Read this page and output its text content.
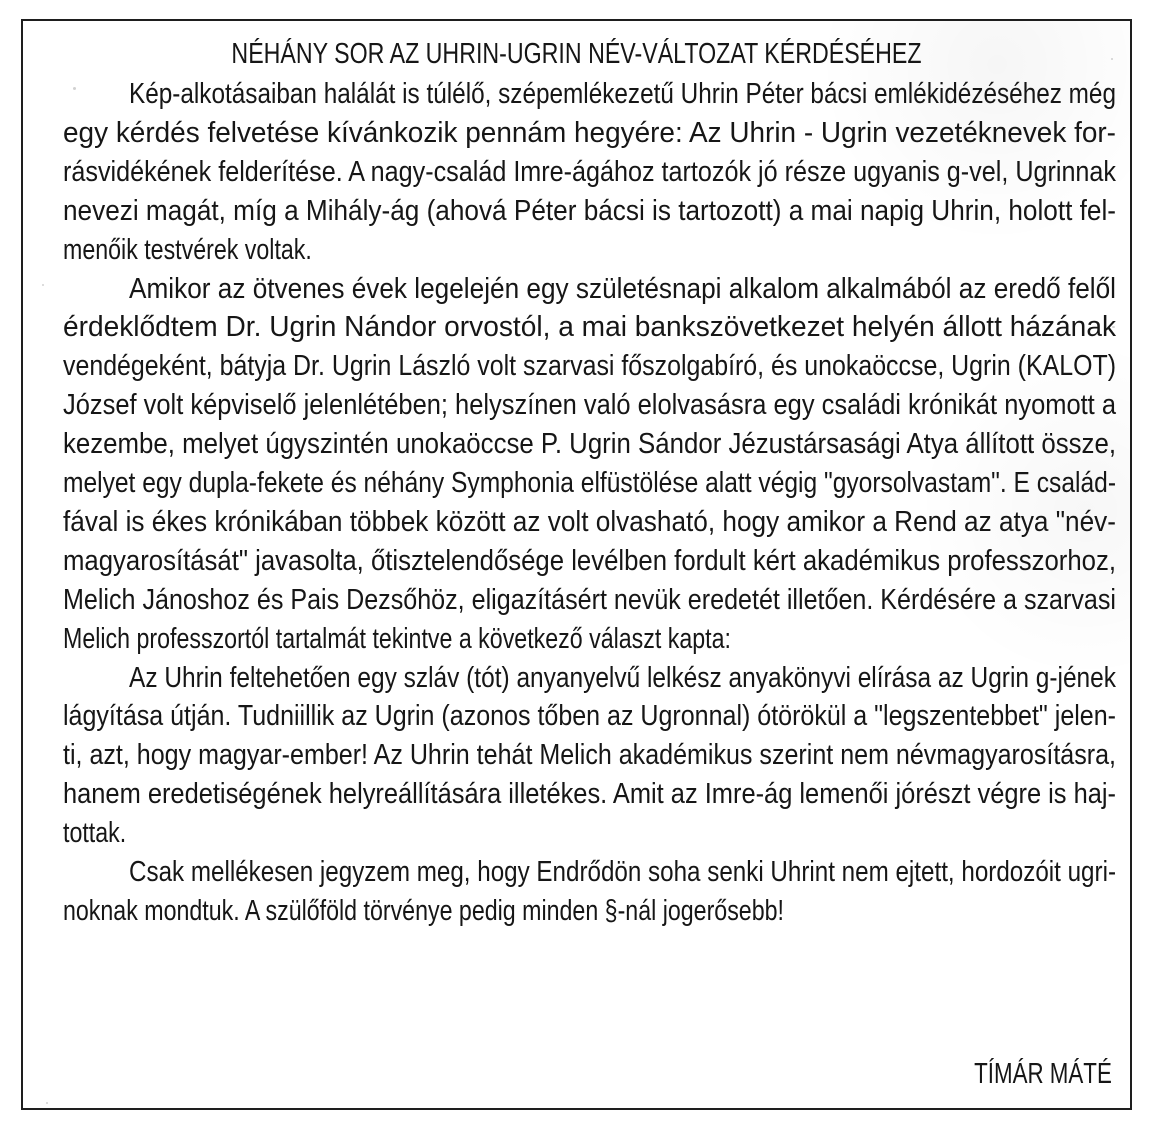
NÉHÁNY SOR AZ UHRIN-UGRIN NÉV-VÁLTOZAT KÉRDÉSÉHEZ
Kép-alkotásaiban halálát is túlélő, szépemlékezetű Uhrin Péter bácsi emlékidézéséhez még
egy kérdés felvetése kívánkozik pennám hegyére: Az Uhrin - Ugrin vezetéknevek for-
rásvidékének felderítése. A nagy-család Imre-ágához tartozók jó része ugyanis g-vel, Ugrinnak
nevezi magát, míg a Mihály-ág (ahová Péter bácsi is tartozott) a mai napig Uhrin, holott fel-
menőik testvérek voltak.
Amikor az ötvenes évek legelején egy születésnapi alkalom alkalmából az eredő felől
érdeklődtem Dr. Ugrin Nándor orvostól, a mai bankszövetkezet helyén állott házának
vendégeként, bátyja Dr. Ugrin László volt szarvasi főszolgabíró, és unokaöccse, Ugrin (KALOT)
József volt képviselő jelenlétében; helyszínen való elolvasásra egy családi krónikát nyomott a
kezembe, melyet úgyszintén unokaöccse P. Ugrin Sándor Jézustársasági Atya állított össze,
melyet egy dupla-fekete és néhány Symphonia elfüstölése alatt végig "gyorsolvastam". E család-
fával is ékes krónikában többek között az volt olvasható, hogy amikor a Rend az atya "név-
magyarosítását" javasolta, őtisztelendősége levélben fordult kért akadémikus professzorhoz,
Melich Jánoshoz és Pais Dezsőhöz, eligazításért nevük eredetét illetően. Kérdésére a szarvasi
Melich professzortól tartalmát tekintve a következő választ kapta:
Az Uhrin feltehetően egy szláv (tót) anyanyelvű lelkész anyakönyvi elírása az Ugrin g-jének
lágyítása útján. Tudniillik az Ugrin (azonos tőben az Ugronnal) ótörökül a "legszentebbet" jelen-
ti, azt, hogy magyar-ember! Az Uhrin tehát Melich akadémikus szerint nem névmagyarosításra,
hanem eredetiségének helyreállítására illetékes. Amit az Imre-ág lemenői jórészt végre is haj-
tottak.
Csak mellékesen jegyzem meg, hogy Endrődön soha senki Uhrint nem ejtett, hordozóit ugri-
noknak mondtuk. A szülőföld törvénye pedig minden §-nál jogerősebb!
TÍMÁR MÁTÉ
